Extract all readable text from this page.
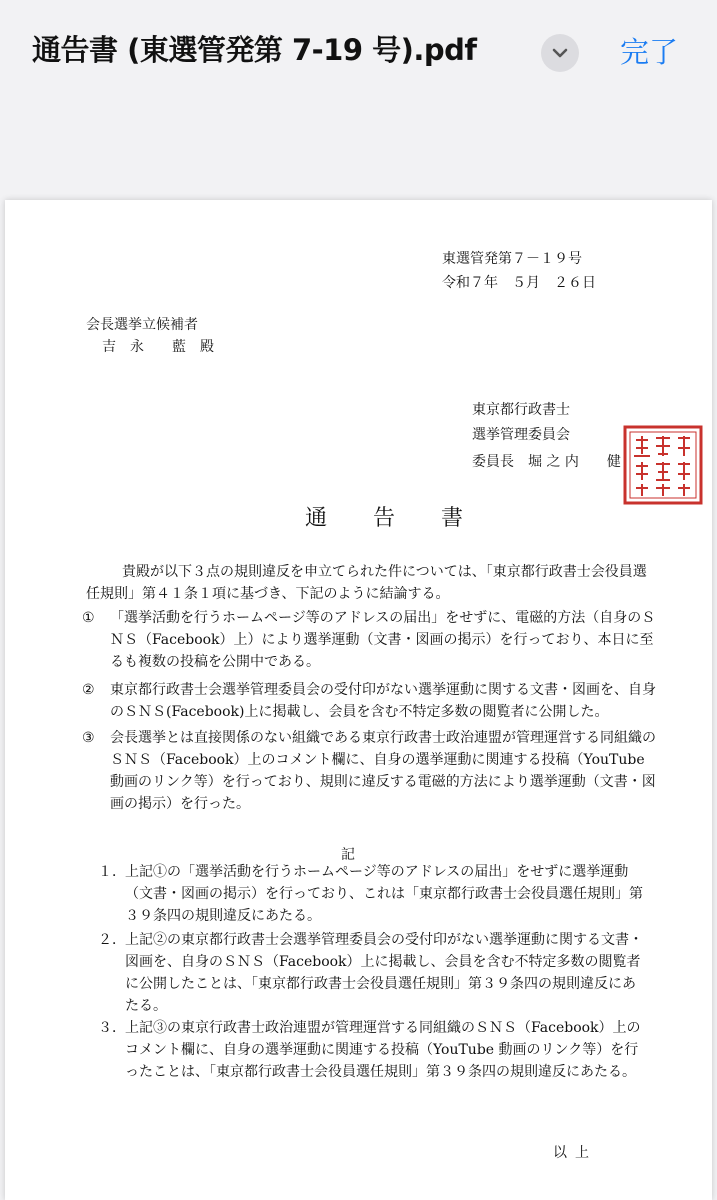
通告書 (東選管発第 7-19 号).pdf	完了
東選管発第７－１９号
令和７年　５月　２６日
会長選挙立候補者
吉　永　　藍　殿
東京都行政書士
選挙管理委員会
委員長　堀 之 内　　健
通　告　書
貴殿が以下３点の規則違反を申立てられた件については、「東京都行政書士会役員選任規則」第４１条１項に基づき、下記のように結論する。
① 「選挙活動を行うホームページ等のアドレスの届出」をせずに、電磁的方法（自身のＳＮＳ（Facebook）上）により選挙運動（文書・図画の掲示）を行っており、本日に至るも複数の投稿を公開中である。
② 東京都行政書士会選挙管理委員会の受付印がない選挙運動に関する文書・図画を、自身のＳＮＳ(Facebook)上に掲載し、会員を含む不特定多数の閲覧者に公開した。
③ 会長選挙とは直接関係のない組織である東京行政書士政治連盟が管理運営する同組織のＳＮＳ（Facebook）上のコメント欄に、自身の選挙運動に関連する投稿（YouTube 動画のリンク等）を行っており、規則に違反する電磁的方法により選挙運動（文書・図画の掲示）を行った。
記
１． 上記①の「選挙活動を行うホームページ等のアドレスの届出」をせずに選挙運動（文書・図画の掲示）を行っており、これは「東京都行政書士会役員選任規則」第３９条四の規則違反にあたる。
２． 上記②の東京都行政書士会選挙管理委員会の受付印がない選挙運動に関する文書・図画を、自身のＳＮＳ（Facebook）上に掲載し、会員を含む不特定多数の閲覧者に公開したことは、「東京都行政書士会役員選任規則」第３９条四の規則違反にあたる。
３． 上記③の東京行政書士政治連盟が管理運営する同組織のＳＮＳ（Facebook）上のコメント欄に、自身の選挙運動に関連する投稿（YouTube 動画のリンク等）を行ったことは、「東京都行政書士会役員選任規則」第３９条四の規則違反にあたる。
以上
